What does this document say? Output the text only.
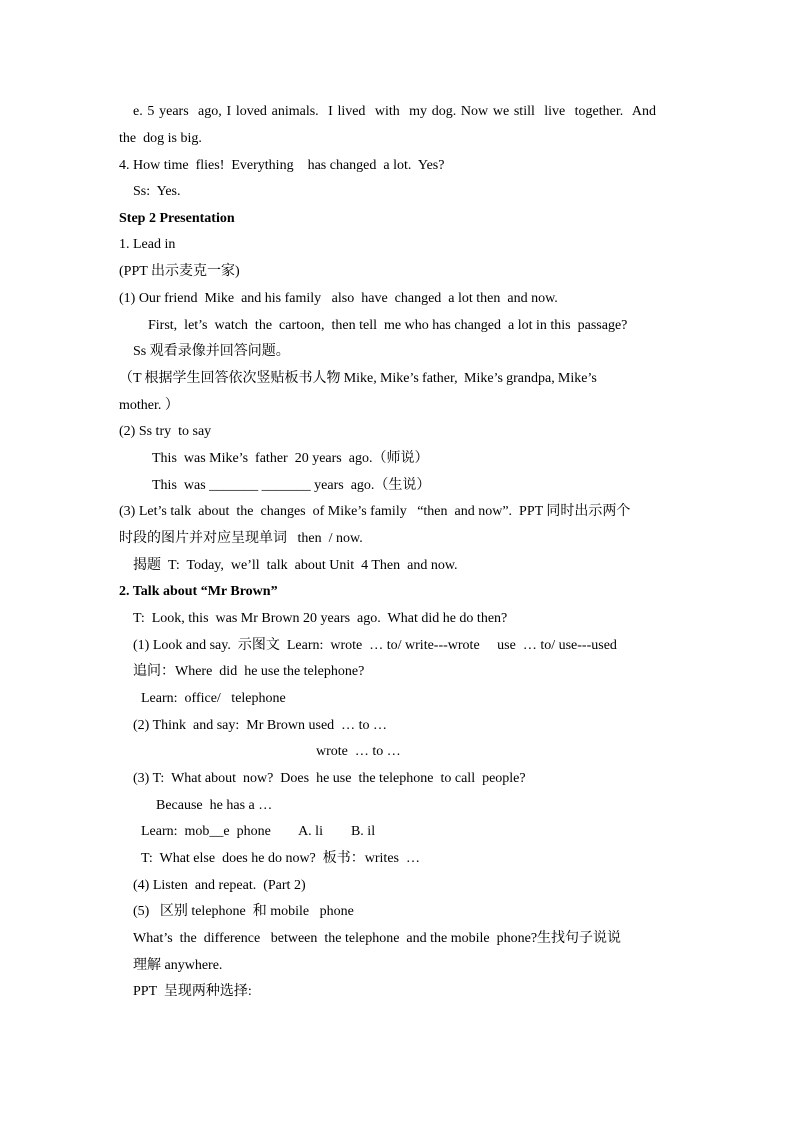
e. 5 years  ago, I loved animals.  I lived  with  my dog. Now we still  live  together.  And
the  dog is big.
4. How time  flies!  Everything    has changed  a lot.  Yes?
Ss:  Yes.
Step 2 Presentation
1. Lead in
(PPT 出示麦克一家)
(1) Our friend  Mike  and his family   also  have  changed  a lot then  and now.
First,  let’s  watch  the  cartoon,  then tell  me who has changed  a lot in this  passage?
Ss 观看录像并回答问题。
（T 根据学生回答依次竖贴板书人物 Mike, Mike’s father,  Mike’s grandpa, Mike’s
mother. ）
(2) Ss try  to say
This  was Mike’s  father  20 years  ago.（师说）
This  was _______ _______ years  ago.（生说）
(3) Let’s talk  about  the  changes  of Mike’s family   “then  and now”.  PPT 同时出示两个
时段的图片并对应呈现单词   then  / now.
揭题  T:  Today,  we’ll  talk  about Unit  4 Then  and now.
2. Talk about “Mr Brown”
T:  Look, this  was Mr Brown 20 years  ago.  What did he do then?
(1) Look and say.  示图文  Learn:  wrote  … to/ write---wrote     use  … to/ use---used
追问：Where  did  he use the telephone?
Learn:  office/   telephone
(2) Think  and say:  Mr Brown used  … to …
wrote  … to …
(3) T:  What about  now?  Does  he use  the telephone  to call  people?
Because  he has a …
Learn:  mob__e  phone        A. li        B. il
T:  What else  does he do now?  板书：writes  …
(4) Listen  and repeat.  (Part 2)
(5)   区别 telephone  和 mobile   phone
What’s  the  difference   between  the telephone  and the mobile  phone?生找句子说说
理解 anywhere.
PPT  呈现两种选择:
